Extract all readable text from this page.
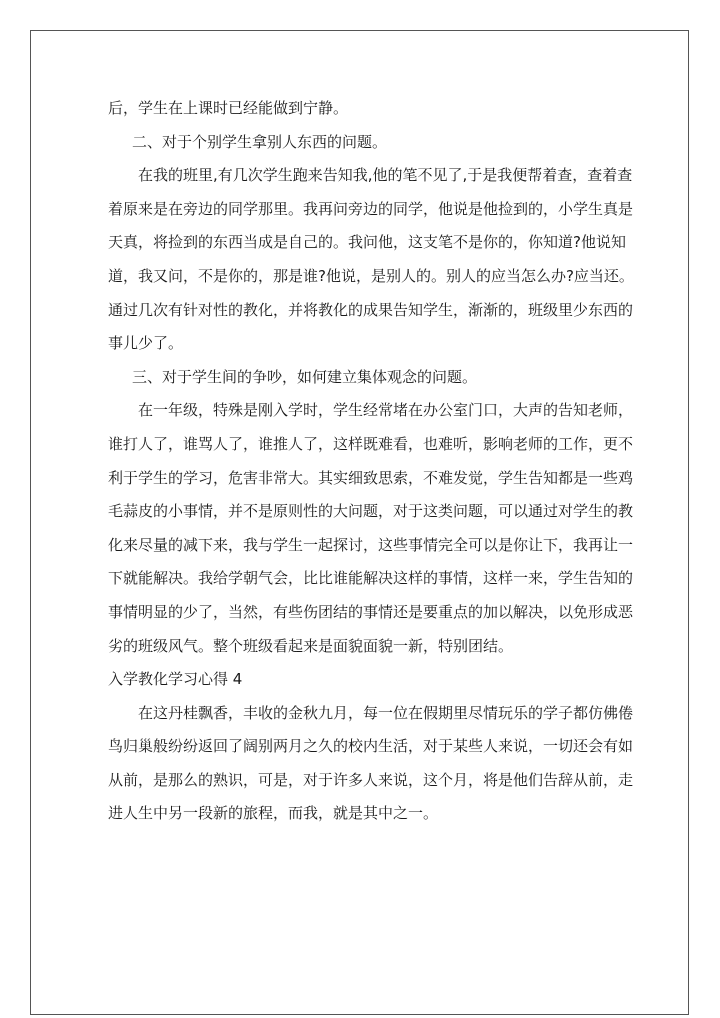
后，学生在上课时已经能做到宁静。
二、对于个别学生拿别人东西的问题。
在我的班里,有几次学生跑来告知我,他的笔不见了,于是我便帮着查，查着查
着原来是在旁边的同学那里。我再问旁边的同学，他说是他捡到的，小学生真是
天真，将捡到的东西当成是自己的。我问他，这支笔不是你的，你知道?他说知
道，我又问，不是你的，那是谁?他说，是别人的。别人的应当怎么办?应当还。
通过几次有针对性的教化，并将教化的成果告知学生，渐渐的，班级里少东西的
事儿少了。
三、对于学生间的争吵，如何建立集体观念的问题。
在一年级，特殊是刚入学时，学生经常堵在办公室门口，大声的告知老师，
谁打人了，谁骂人了，谁推人了，这样既难看，也难听，影响老师的工作，更不
利于学生的学习，危害非常大。其实细致思索，不难发觉，学生告知都是一些鸡
毛蒜皮的小事情，并不是原则性的大问题，对于这类问题，可以通过对学生的教
化来尽量的减下来，我与学生一起探讨，这些事情完全可以是你让下，我再让一
下就能解决。我给学朝气会，比比谁能解决这样的事情，这样一来，学生告知的
事情明显的少了，当然，有些伤团结的事情还是要重点的加以解决，以免形成恶
劣的班级风气。整个班级看起来是面貌面貌一新，特别团结。
入学教化学习心得 4
在这丹桂飘香，丰收的金秋九月，每一位在假期里尽情玩乐的学子都仿佛倦
鸟归巢般纷纷返回了阔别两月之久的校内生活，对于某些人来说，一切还会有如
从前，是那么的熟识，可是，对于许多人来说，这个月，将是他们告辞从前，走
进人生中另一段新的旅程，而我，就是其中之一。
